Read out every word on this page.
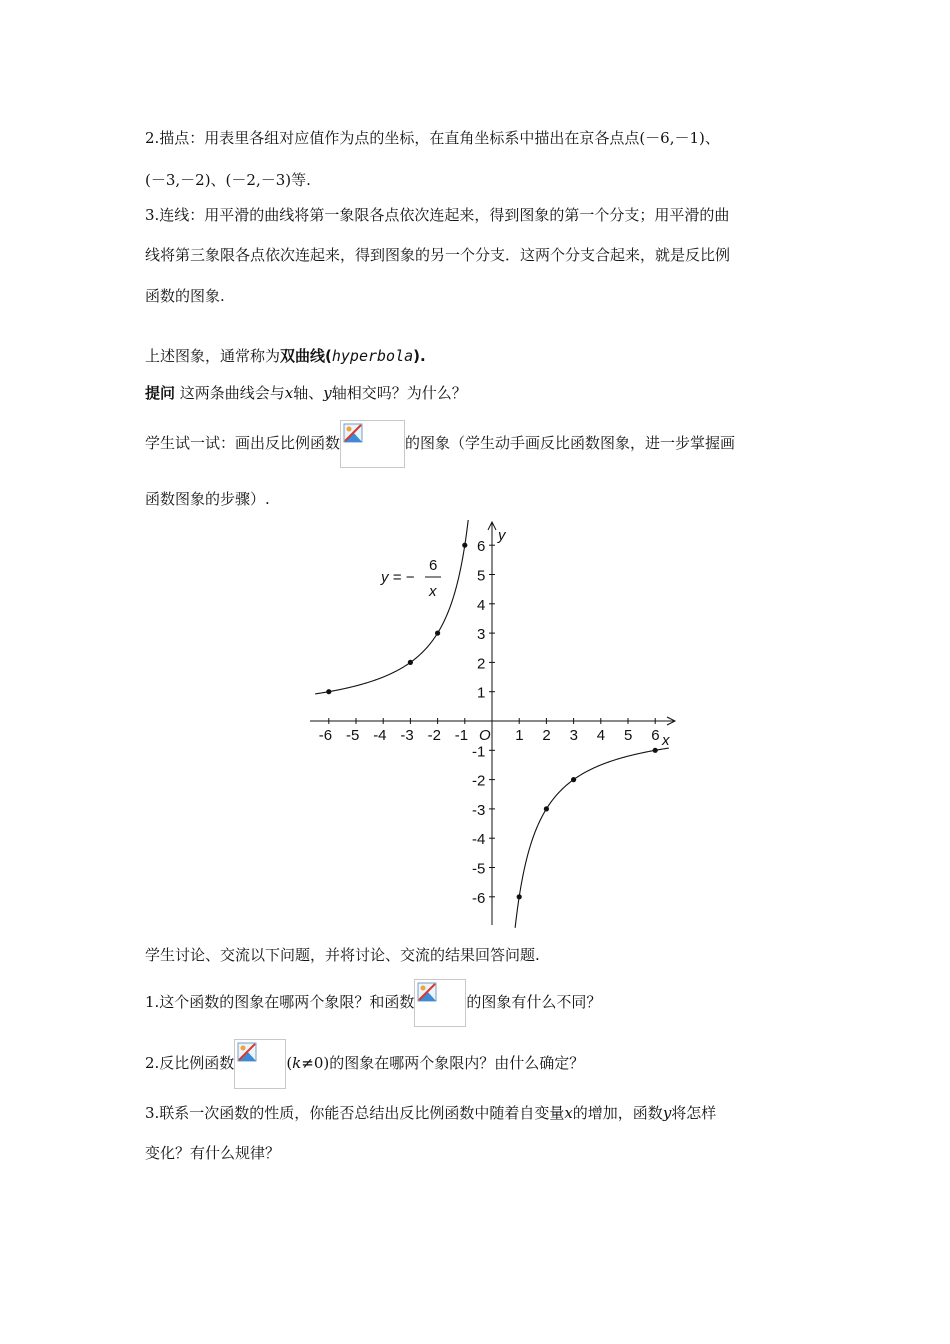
2.描点：用表里各组对应值作为点的坐标，在直角坐标系中描出在京各点点(－6,－1)、
(－3,－2)、(－2,－3)等.
3.连线：用平滑的曲线将第一象限各点依次连起来，得到图象的第一个分支；用平滑的曲
线将第三象限各点依次连起来，得到图象的另一个分支．这两个分支合起来，就是反比例
函数的图象.
上述图象，通常称为双曲线(hyperbola).
提问 这两条曲线会与x轴、y轴相交吗？为什么？
学生试一试：画出反比例函数	的图象（学生动手画反比函数图象，进一步掌握画
函数图象的步骤）.
-6 -5 -4 -3 -2 -1	1 2 3 4 5 6
6
5
4
3
2
1
-1
-2
-3
-4
-5
-6
O	x
y
y = −
6
x
学生讨论、交流以下问题，并将讨论、交流的结果回答问题.
1.这个函数的图象在哪两个象限？和函数	的图象有什么不同？
2.反比例函数	(k≠0)的图象在哪两个象限内？由什么确定？
3.联系一次函数的性质，你能否总结出反比例函数中随着自变量x的增加，函数y将怎样
变化？有什么规律？
